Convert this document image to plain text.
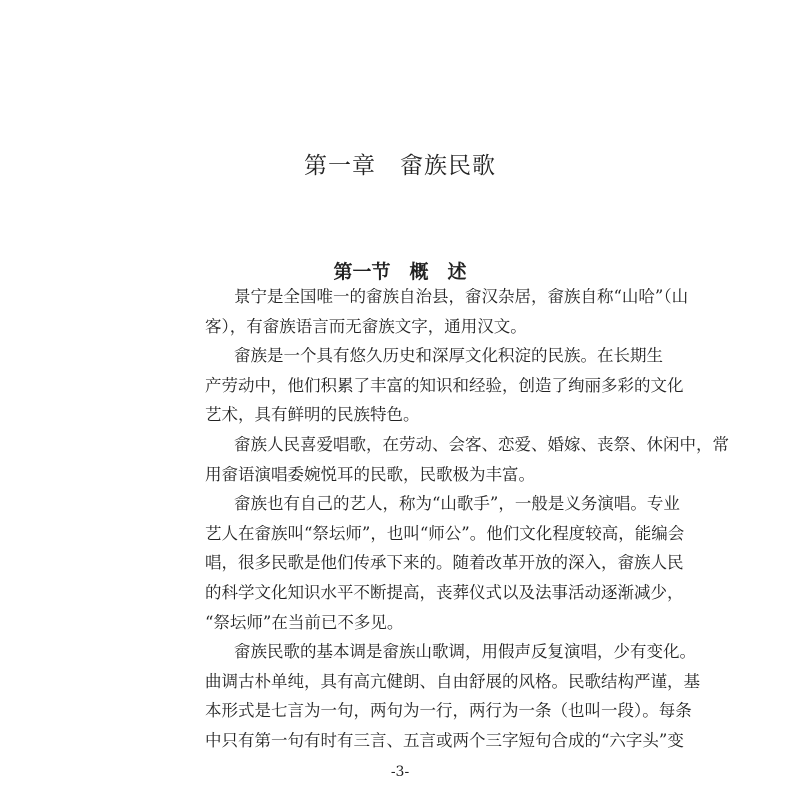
第一章　畲族民歌
第一节　概　述
景宁是全国唯一的畲族自治县，畲汉杂居，畲族自称“山哈”（山
客），有畲族语言而无畲族文字，通用汉文。
畲族是一个具有悠久历史和深厚文化积淀的民族。在长期生
产劳动中，他们积累了丰富的知识和经验，创造了绚丽多彩的文化
艺术，具有鲜明的民族特色。
畲族人民喜爱唱歌，在劳动、会客、恋爱、婚嫁、丧祭、休闲中，常
用畲语演唱委婉悦耳的民歌，民歌极为丰富。
畲族也有自己的艺人，称为“山歌手”，一般是义务演唱。专业
艺人在畲族叫“祭坛师”，也叫“师公”。他们文化程度较高，能编会
唱，很多民歌是他们传承下来的。随着改革开放的深入，畲族人民
的科学文化知识水平不断提高，丧葬仪式以及法事活动逐渐减少，
“祭坛师”在当前已不多见。
畲族民歌的基本调是畲族山歌调，用假声反复演唱，少有变化。
曲调古朴单纯，具有高亢健朗、自由舒展的风格。民歌结构严谨，基
本形式是七言为一句，两句为一行，两行为一条（也叫一段）。每条
中只有第一句有时有三言、五言或两个三字短句合成的“六字头”变
-3-
